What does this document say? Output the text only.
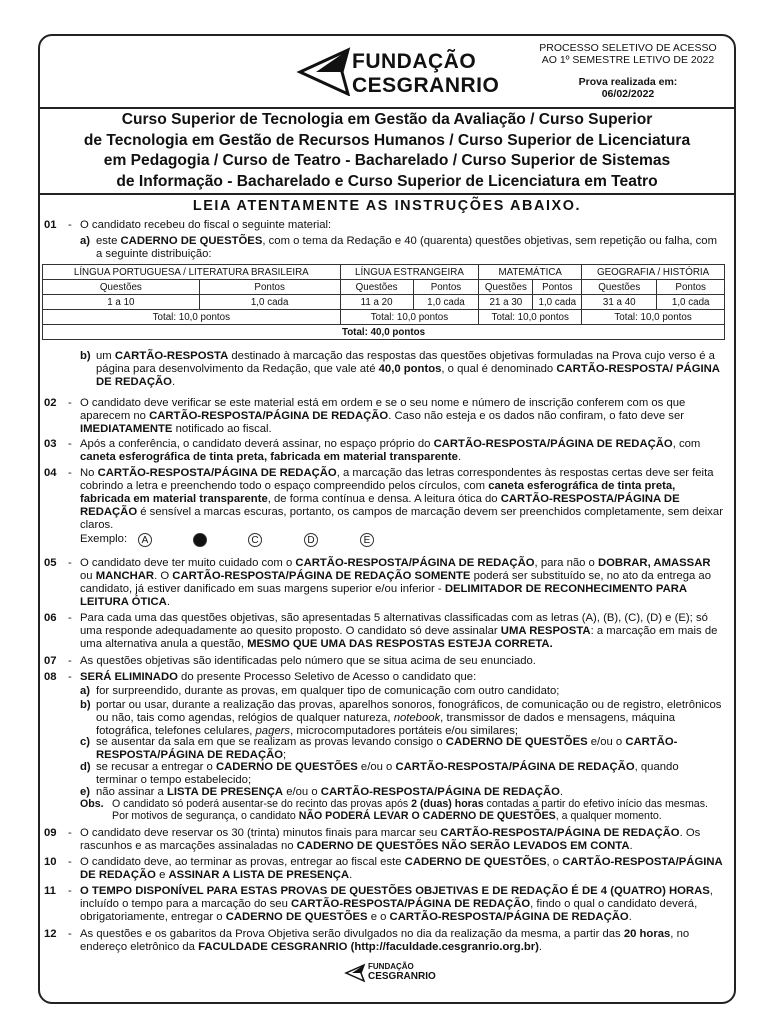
FUNDAÇÃO
CESGRANRIO
PROCESSO SELETIVO DE ACESSO
AO 1º SEMESTRE LETIVO DE 2022
Prova realizada em:
06/02/2022
Curso Superior de Tecnologia em Gestão da Avaliação / Curso Superior
de Tecnologia em Gestão de Recursos Humanos / Curso Superior de Licenciatura
em Pedagogia / Curso de Teatro - Bacharelado / Curso Superior de Sistemas
de Informação - Bacharelado e Curso Superior de Licenciatura em Teatro
LEIA ATENTAMENTE AS INSTRUÇÕES ABAIXO.
01 - O candidato recebeu do fiscal o seguinte material:
a) este CADERNO DE QUESTÕES, com o tema da Redação e 40 (quarenta) questões objetivas, sem repetição ou falha, com a seguinte distribuição:
LÍNGUA PORTUGUESA / LITERATURA BRASILEIRA		LÍNGUA ESTRANGEIRA		MATEMÁTICA		GEOGRAFIA / HISTÓRIA	
Questões	Pontos	Questões	Pontos	Questões	Pontos	Questões	Pontos
1 a 10	1,0 cada	11 a 20	1,0 cada	21 a 30	1,0 cada	31 a 40	1,0 cada
Total: 10,0 pontos		Total: 10,0 pontos		Total: 10,0 pontos		Total: 10,0 pontos	
Total: 40,0 pontos							
b) um CARTÃO-RESPOSTA destinado à marcação das respostas das questões objetivas formuladas na Prova cujo verso é a página para desenvolvimento da Redação, que vale até 40,0 pontos, o qual é denominado CARTÃO-RESPOSTA/ PÁGINA DE REDAÇÃO.
02 - O candidato deve verificar se este material está em ordem e se o seu nome e número de inscrição conferem com os que aparecem no CARTÃO-RESPOSTA/PÁGINA DE REDAÇÃO. Caso não esteja e os dados não confiram, o fato deve ser IMEDIATAMENTE notificado ao fiscal.
03 - Após a conferência, o candidato deverá assinar, no espaço próprio do CARTÃO-RESPOSTA/PÁGINA DE REDAÇÃO, com caneta esferográfica de tinta preta, fabricada em material transparente.
04 - No CARTÃO-RESPOSTA/PÁGINA DE REDAÇÃO, a marcação das letras correspondentes às respostas certas deve ser feita cobrindo a letra e preenchendo todo o espaço compreendido pelos círculos, com caneta esferográfica de tinta preta, fabricada em material transparente, de forma contínua e densa. A leitura ótica do CARTÃO-RESPOSTA/PÁGINA DE REDAÇÃO é sensível a marcas escuras, portanto, os campos de marcação devem ser preenchidos completamente, sem deixar claros.
Exemplo:	A	C	D	E
05 - O candidato deve ter muito cuidado com o CARTÃO-RESPOSTA/PÁGINA DE REDAÇÃO, para não o DOBRAR, AMASSAR ou MANCHAR. O CARTÃO-RESPOSTA/PÁGINA DE REDAÇÃO SOMENTE poderá ser substituído se, no ato da entrega ao candidato, já estiver danificado em suas margens superior e/ou inferior - DELIMITADOR DE RECONHECIMENTO PARA LEITURA ÓTICA.
06 - Para cada uma das questões objetivas, são apresentadas 5 alternativas classificadas com as letras (A), (B), (C), (D) e (E); só uma responde adequadamente ao quesito proposto. O candidato só deve assinalar UMA RESPOSTA: a marcação em mais de uma alternativa anula a questão, MESMO QUE UMA DAS RESPOSTAS ESTEJA CORRETA.
07 - As questões objetivas são identificadas pelo número que se situa acima de seu enunciado.
08 - SERÁ ELIMINADO do presente Processo Seletivo de Acesso o candidato que:
a) for surpreendido, durante as provas, em qualquer tipo de comunicação com outro candidato;
b) portar ou usar, durante a realização das provas, aparelhos sonoros, fonográficos, de comunicação ou de registro, eletrônicos ou não, tais como agendas, relógios de qualquer natureza, notebook, transmissor de dados e mensagens, máquina fotográfica, telefones celulares, pagers, microcomputadores portáteis e/ou similares;
c) se ausentar da sala em que se realizam as provas levando consigo o CADERNO DE QUESTÕES e/ou o CARTÃO-RESPOSTA/PÁGINA DE REDAÇÃO;
d) se recusar a entregar o CADERNO DE QUESTÕES e/ou o CARTÃO-RESPOSTA/PÁGINA DE REDAÇÃO, quando terminar o tempo estabelecido;
e) não assinar a LISTA DE PRESENÇA e/ou o CARTÃO-RESPOSTA/PÁGINA DE REDAÇÃO.
Obs. O candidato só poderá ausentar-se do recinto das provas após 2 (duas) horas contadas a partir do efetivo início das mesmas. Por motivos de segurança, o candidato NÃO PODERÁ LEVAR O CADERNO DE QUESTÕES, a qualquer momento.
09 - O candidato deve reservar os 30 (trinta) minutos finais para marcar seu CARTÃO-RESPOSTA/PÁGINA DE REDAÇÃO. Os rascunhos e as marcações assinaladas no CADERNO DE QUESTÕES NÃO SERÃO LEVADOS EM CONTA.
10 - O candidato deve, ao terminar as provas, entregar ao fiscal este CADERNO DE QUESTÕES, o CARTÃO-RESPOSTA/PÁGINA DE REDAÇÃO e ASSINAR A LISTA DE PRESENÇA.
11 - O TEMPO DISPONÍVEL PARA ESTAS PROVAS DE QUESTÕES OBJETIVAS E DE REDAÇÃO É DE 4 (QUATRO) HORAS, incluído o tempo para a marcação do seu CARTÃO-RESPOSTA/PÁGINA DE REDAÇÃO, findo o qual o candidato deverá, obrigatoriamente, entregar o CADERNO DE QUESTÕES e o CARTÃO-RESPOSTA/PÁGINA DE REDAÇÃO.
12 - As questões e os gabaritos da Prova Objetiva serão divulgados no dia da realização da mesma, a partir das 20 horas, no endereço eletrônico da FACULDADE CESGRANRIO (http://faculdade.cesgranrio.org.br).
FUNDAÇÃO
CESGRANRIO
